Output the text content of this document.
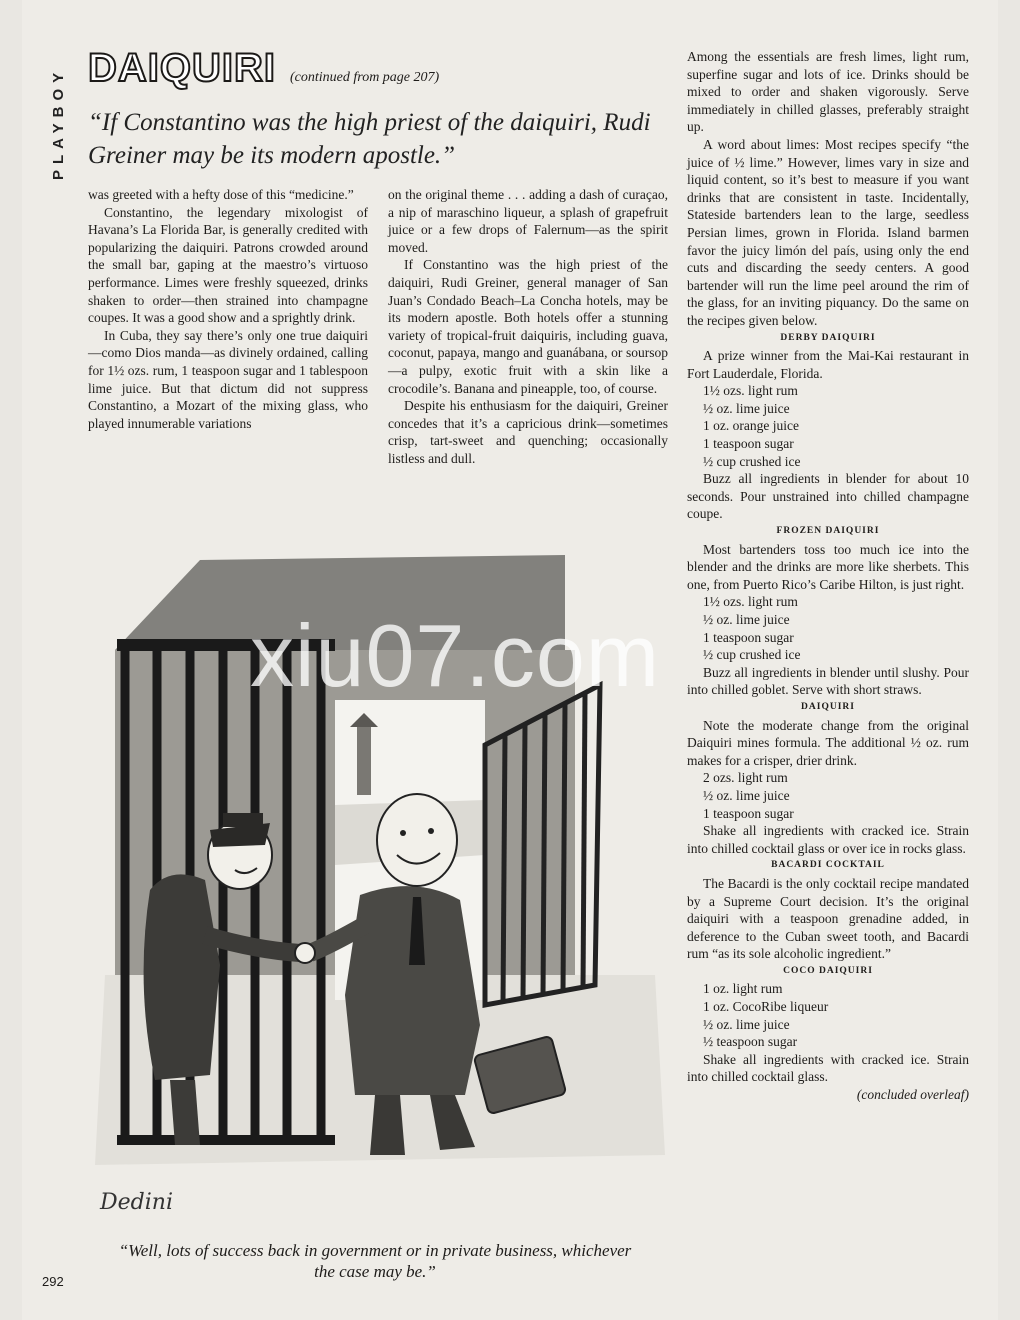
PLAYBOY DAIQUIRI (continued from page 207)
“If Constantino was the high priest of the daiquiri, Rudi Greiner may be its modern apostle.”

was greeted with a hefty dose of this “medicine.”

Constantino, the legendary mixologist of Havana’s La Florida Bar, is generally credited with popularizing the daiquiri. Patrons crowded around the small bar, gaping at the maestro’s virtuoso performance. Limes were freshly squeezed, drinks shaken to order—then strained into champagne coupes. It was a good show and a sprightly drink.

In Cuba, they say there’s only one true daiquiri—como Dios manda—as divinely ordained, calling for 1½ ozs. rum, 1 teaspoon sugar and 1 tablespoon lime juice. But that dictum did not suppress Constantino, a Mozart of the mixing glass, who played innumerable variations

on the original theme . . . adding a dash of curaçao, a nip of maraschino liqueur, a splash of grapefruit juice or a few drops of Falernum—as the spirit moved.

If Constantino was the high priest of the daiquiri, Rudi Greiner, general manager of San Juan’s Condado Beach–La Concha hotels, may be its modern apostle. Both hotels offer a stunning variety of tropical-fruit daiquiris, including guava, coconut, papaya, mango and guanábana, or soursop—a pulpy, exotic fruit with a skin like a crocodile’s. Banana and pineapple, too, of course.

Despite his enthusiasm for the daiquiri, Greiner concedes that it’s a capricious drink—sometimes crisp, tart-sweet and quenching; occasionally listless and dull.

Among the essentials are fresh limes, light rum, superfine sugar and lots of ice. Drinks should be mixed to order and shaken vigorously. Serve immediately in chilled glasses, preferably straight up.

A word about limes: Most recipes specify “the juice of ½ lime.” However, limes vary in size and liquid content, so it’s best to measure if you want drinks that are consistent in taste. Incidentally, Stateside bartenders lean to the large, seedless Persian limes, grown in Florida. Island barmen favor the juicy limón del país, using only the end cuts and discarding the seedy centers. A good bartender will run the lime peel around the rim of the glass, for an inviting piquancy. Do the same on the recipes given below.

DERBY DAIQUIRI

A prize winner from the Mai-Kai restaurant in Fort Lauderdale, Florida.

1½ ozs. light rum
½ oz. lime juice
1 oz. orange juice
1 teaspoon sugar
½ cup crushed ice

Buzz all ingredients in blender for about 10 seconds. Pour unstrained into chilled champagne coupe.

FROZEN DAIQUIRI

Most bartenders toss too much ice into the blender and the drinks are more like sherbets. This one, from Puerto Rico’s Caribe Hilton, is just right.

1½ ozs. light rum
½ oz. lime juice
1 teaspoon sugar
½ cup crushed ice

Buzz all ingredients in blender until slushy. Pour into chilled goblet. Serve with short straws.

DAIQUIRI

Note the moderate change from the original Daiquiri mines formula. The additional ½ oz. rum makes for a crisper, drier drink.

2 ozs. light rum
½ oz. lime juice
1 teaspoon sugar

Shake all ingredients with cracked ice. Strain into chilled cocktail glass or over ice in rocks glass.

BACARDI COCKTAIL

The Bacardi is the only cocktail recipe mandated by a Supreme Court decision. It’s the original daiquiri with a teaspoon grenadine added, in deference to the Cuban sweet tooth, and Bacardi rum “as its sole alcoholic ingredient.”

COCO DAIQUIRI

1 oz. light rum
1 oz. CocoRibe liqueur
½ oz. lime juice
½ teaspoon sugar

Shake all ingredients with cracked ice. Strain into chilled cocktail glass.

(concluded overleaf)

Dedini
“Well, lots of success back in government or in private business, whichever the case may be.”
292
xiu07.com
